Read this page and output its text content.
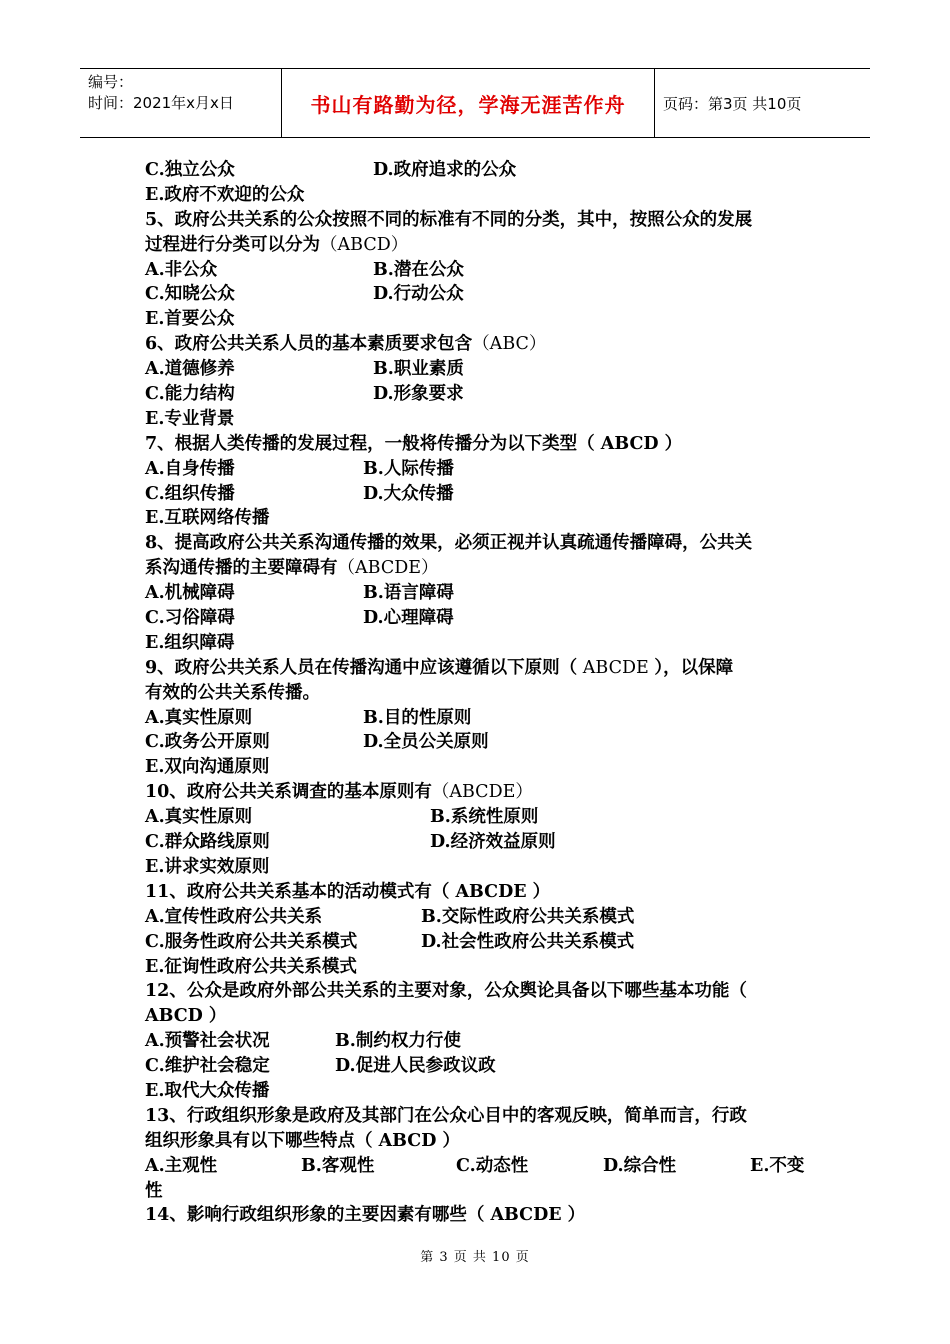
编号：
时间：2021年x月x日	书山有路勤为径，学海无涯苦作舟	页码：第3页 共10页
C.独立公众	D.政府追求的公众
E.政府不欢迎的公众
5、政府公共关系的公众按照不同的标准有不同的分类，其中，按照公众的发展
过程进行分类可以分为（ABCD）
A.非公众	B.潜在公众
C.知晓公众	D.行动公众
E.首要公众
6、政府公共关系人员的基本素质要求包含（ABC）
A.道德修养	B.职业素质
C.能力结构	D.形象要求
E.专业背景
7、根据人类传播的发展过程，一般将传播分为以下类型（ ABCD ）
A.自身传播	B.人际传播
C.组织传播	D.大众传播
E.互联网络传播
8、提高政府公共关系沟通传播的效果，必须正视并认真疏通传播障碍，公共关
系沟通传播的主要障碍有（ABCDE）
A.机械障碍	B.语言障碍
C.习俗障碍	D.心理障碍
E.组织障碍
9、政府公共关系人员在传播沟通中应该遵循以下原则（ ABCDE ），以保障
有效的公共关系传播。
A.真实性原则	B.目的性原则
C.政务公开原则	D.全员公关原则
E.双向沟通原则
10、政府公共关系调查的基本原则有（ABCDE）
A.真实性原则	B.系统性原则
C.群众路线原则	D.经济效益原则
E.讲求实效原则
11、政府公共关系基本的活动模式有（ ABCDE ）
A.宣传性政府公共关系	B.交际性政府公共关系模式
C.服务性政府公共关系模式	D.社会性政府公共关系模式
E.征询性政府公共关系模式
12、公众是政府外部公共关系的主要对象，公众舆论具备以下哪些基本功能（
ABCD ）
A.预警社会状况	B.制约权力行使
C.维护社会稳定	D.促进人民参政议政
E.取代大众传播
13、行政组织形象是政府及其部门在公众心目中的客观反映，简单而言，行政
组织形象具有以下哪些特点（ ABCD ）
A.主观性	B.客观性	C.动态性	D.综合性	E.不变
性
14、影响行政组织形象的主要因素有哪些（ ABCDE ）
第 3 页 共 10 页
